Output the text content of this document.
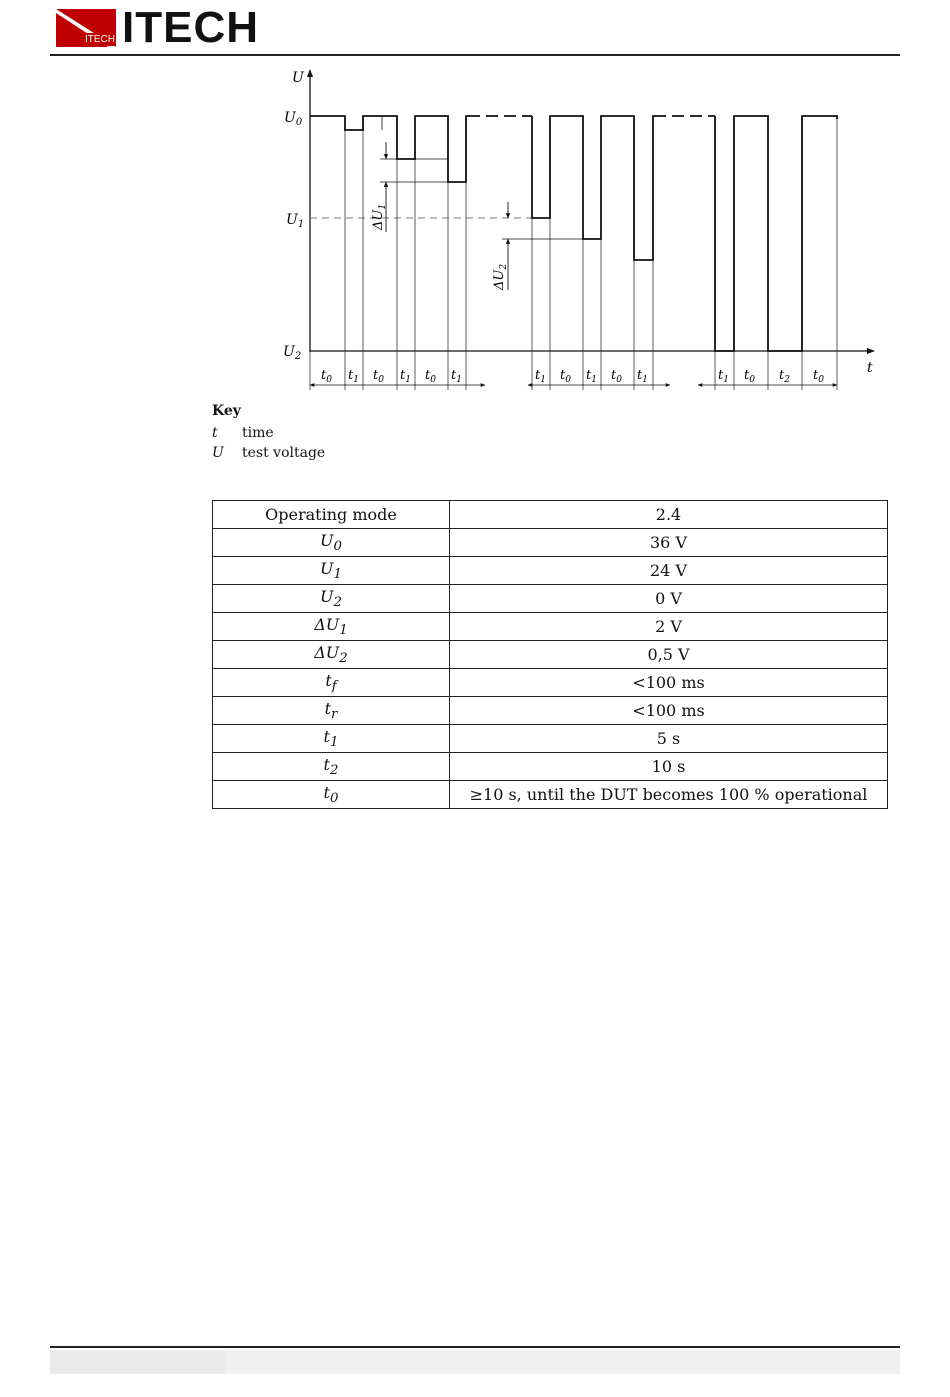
ITECH ITECH
U
t
$U_0$
$U_1$
$U_2$
$\Delta U_1$
$\Delta U_2$
$t_0$ $t_1$ $t_0$ $t_1$ $t_0$ $t_1$	$t_1$ $t_0$ $t_1$ $t_0$ $t_1$	$t_1$ $t_0$ $t_2$ $t_0$
Key
t	time
U	test voltage
Operating mode	2.4
$U_0$	36 V
$U_1$	24 V
$U_2$	0 V
$\Delta U_1$	2 V
$\Delta U_2$	0,5 V
$t_f$	<100 ms
$t_r$	<100 ms
$t_1$	5 s
$t_2$	10 s
$t_0$	≥10 s, until the DUT becomes 100 % operational
